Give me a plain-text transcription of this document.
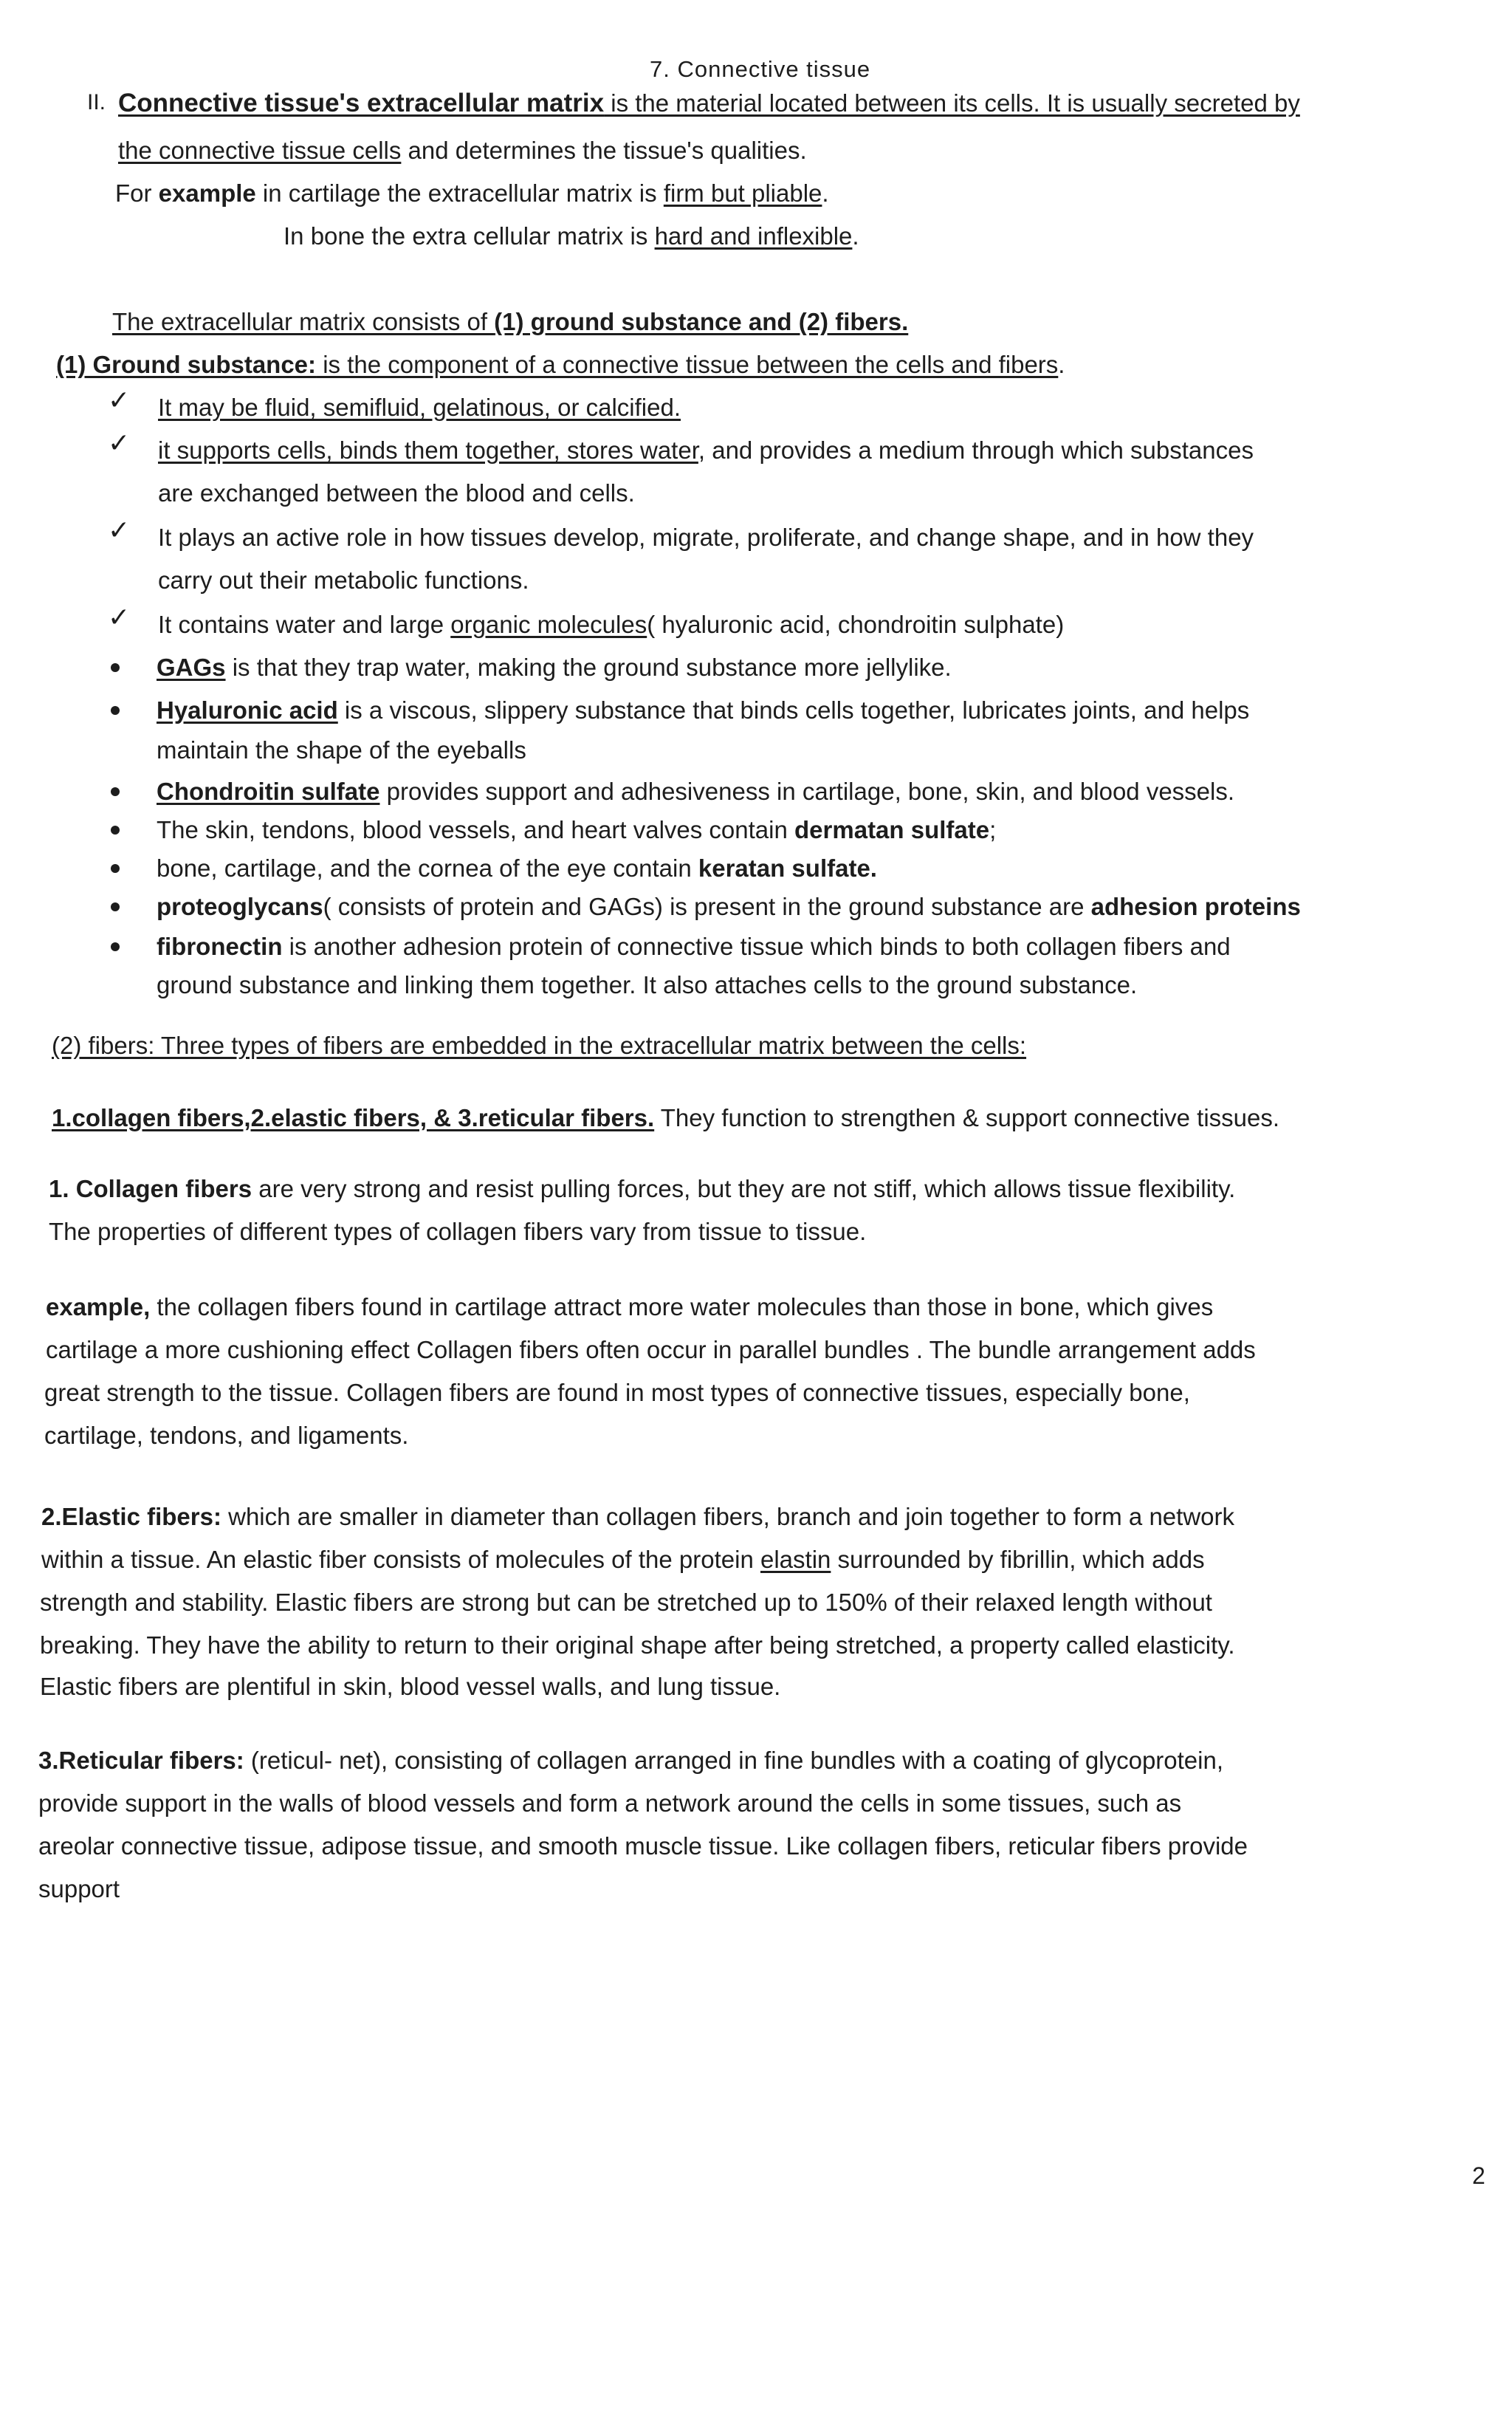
7. Connective tissue
II. Connective tissue's extracellular matrix is the material located between its cells. It is usually secreted by
the connective tissue cells and determines the tissue's qualities.
For example in cartilage the extracellular matrix is firm but pliable.
In bone the extra cellular matrix is hard and inflexible.
The extracellular matrix consists of (1) ground substance and (2) fibers.
(1) Ground substance: is the component of a connective tissue between the cells and fibers.
✓ It may be fluid, semifluid, gelatinous, or calcified.
✓ it supports cells, binds them together, stores water, and provides a medium through which substances
are exchanged between the blood and cells.
✓ It plays an active role in how tissues develop, migrate, proliferate, and change shape, and in how they
carry out their metabolic functions.
✓ It contains water and large organic molecules( hyaluronic acid, chondroitin sulphate)
GAGs is that they trap water, making the ground substance more jellylike.
Hyaluronic acid is a viscous, slippery substance that binds cells together, lubricates joints, and helps
maintain the shape of the eyeballs
Chondroitin sulfate provides support and adhesiveness in cartilage, bone, skin, and blood vessels.
The skin, tendons, blood vessels, and heart valves contain dermatan sulfate;
bone, cartilage, and the cornea of the eye contain keratan sulfate.
proteoglycans( consists of protein and GAGs) is present in the ground substance are adhesion proteins
fibronectin is another adhesion protein of connective tissue which binds to both collagen fibers and
ground substance and linking them together. It also attaches cells to the ground substance.
(2) fibers: Three types of fibers are embedded in the extracellular matrix between the cells:
1.collagen fibers,2.elastic fibers, & 3.reticular fibers. They function to strengthen & support connective tissues.
1. Collagen fibers are very strong and resist pulling forces, but they are not stiff, which allows tissue flexibility.
The properties of different types of collagen fibers vary from tissue to tissue.
example, the collagen fibers found in cartilage attract more water molecules than those in bone, which gives
cartilage a more cushioning effect Collagen fibers often occur in parallel bundles . The bundle arrangement adds
great strength to the tissue. Collagen fibers are found in most types of connective tissues, especially bone,
cartilage, tendons, and ligaments.
2.Elastic fibers: which are smaller in diameter than collagen fibers, branch and join together to form a network
within a tissue. An elastic fiber consists of molecules of the protein elastin surrounded by fibrillin, which adds
strength and stability. Elastic fibers are strong but can be stretched up to 150% of their relaxed length without
breaking. They have the ability to return to their original shape after being stretched, a property called elasticity.
Elastic fibers are plentiful in skin, blood vessel walls, and lung tissue.
3.Reticular fibers: (reticul- net), consisting of collagen arranged in fine bundles with a coating of glycoprotein,
provide support in the walls of blood vessels and form a network around the cells in some tissues, such as
areolar connective tissue, adipose tissue, and smooth muscle tissue. Like collagen fibers, reticular fibers provide
support
2
